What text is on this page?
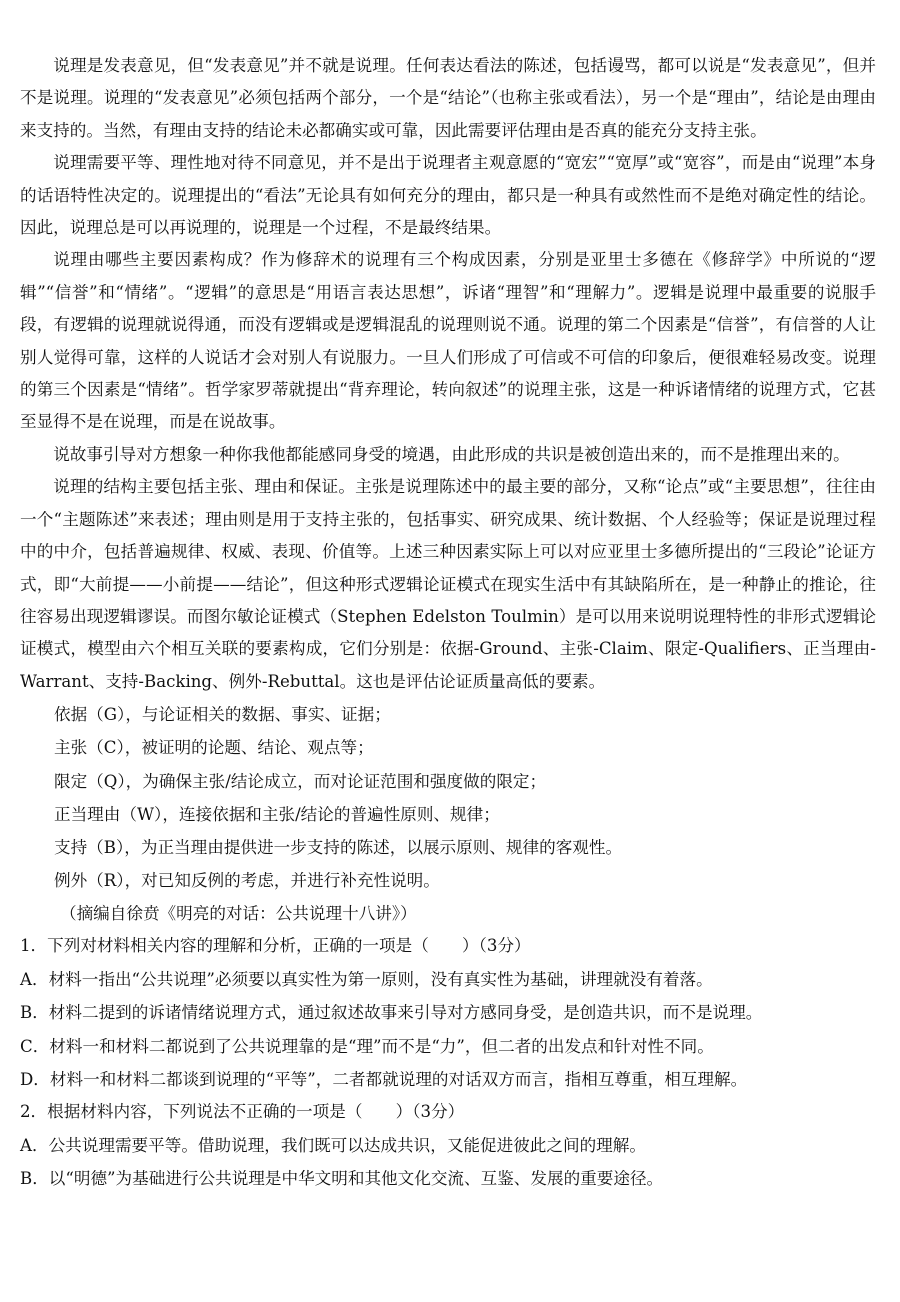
说理是发表意见，但“发表意见”并不就是说理。任何表达看法的陈述，包括谩骂，都可以说是“发表意见”，但并不是说理。说理的“发表意见”必须包括两个部分，一个是“结论”（也称主张或看法），另一个是“理由”，结论是由理由来支持的。当然，有理由支持的结论未必都确实或可靠，因此需要评估理由是否真的能充分支持主张。

说理需要平等、理性地对待不同意见，并不是出于说理者主观意愿的“宽宏”“宽厚”或“宽容”，而是由“说理”本身的话语特性决定的。说理提出的“看法”无论具有如何充分的理由，都只是一种具有或然性而不是绝对确定性的结论。因此，说理总是可以再说理的，说理是一个过程，不是最终结果。

说理由哪些主要因素构成？作为修辞术的说理有三个构成因素，分别是亚里士多德在《修辞学》中所说的“逻辑”“信誉”和“情绪”。“逻辑”的意思是“用语言表达思想”，诉诸“理智”和“理解力”。逻辑是说理中最重要的说服手段，有逻辑的说理就说得通，而没有逻辑或是逻辑混乱的说理则说不通。说理的第二个因素是“信誉”，有信誉的人让别人觉得可靠，这样的人说话才会对别人有说服力。一旦人们形成了可信或不可信的印象后，便很难轻易改变。说理的第三个因素是“情绪”。哲学家罗蒂就提出“背弃理论，转向叙述”的说理主张，这是一种诉诸情绪的说理方式，它甚至显得不是在说理，而是在说故事。

说故事引导对方想象一种你我他都能感同身受的境遇，由此形成的共识是被创造出来的，而不是推理出来的。

说理的结构主要包括主张、理由和保证。主张是说理陈述中的最主要的部分，又称“论点”或“主要思想”，往往由一个“主题陈述”来表述；理由则是用于支持主张的，包括事实、研究成果、统计数据、个人经验等；保证是说理过程中的中介，包括普遍规律、权威、表现、价值等。上述三种因素实际上可以对应亚里士多德所提出的“三段论”论证方式，即“大前提——小前提——结论”，但这种形式逻辑论证模式在现实生活中有其缺陷所在，是一种静止的推论，往往容易出现逻辑谬误。而图尔敏论证模式（Stephen Edelston Toulmin）是可以用来说明说理特性的非形式逻辑论证模式，模型由六个相互关联的要素构成，它们分别是：依据-Ground、主张-Claim、限定-Qualifiers、正当理由-Warrant、支持-Backing、例外-Rebuttal。这也是评估论证质量高低的要素。

依据（G），与论证相关的数据、事实、证据；

主张（C），被证明的论题、结论、观点等；

限定（Q），为确保主张/结论成立，而对论证范围和强度做的限定；

正当理由（W），连接依据和主张/结论的普遍性原则、规律；

支持（B），为正当理由提供进一步支持的陈述，以展示原则、规律的客观性。

例外（R），对已知反例的考虑，并进行补充性说明。

（摘编自徐贲《明亮的对话：公共说理十八讲》）

1．下列对材料相关内容的理解和分析，正确的一项是（　　）（3分）

A．材料一指出“公共说理”必须要以真实性为第一原则，没有真实性为基础，讲理就没有着落。

B．材料二提到的诉诸情绪说理方式，通过叙述故事来引导对方感同身受，是创造共识，而不是说理。

C．材料一和材料二都说到了公共说理靠的是“理”而不是“力”，但二者的出发点和针对性不同。

D．材料一和材料二都谈到说理的“平等”，二者都就说理的对话双方而言，指相互尊重，相互理解。

2．根据材料内容，下列说法不正确的一项是（　　）（3分）

A．公共说理需要平等。借助说理，我们既可以达成共识，又能促进彼此之间的理解。

B．以“明德”为基础进行公共说理是中华文明和其他文化交流、互鉴、发展的重要途径。
